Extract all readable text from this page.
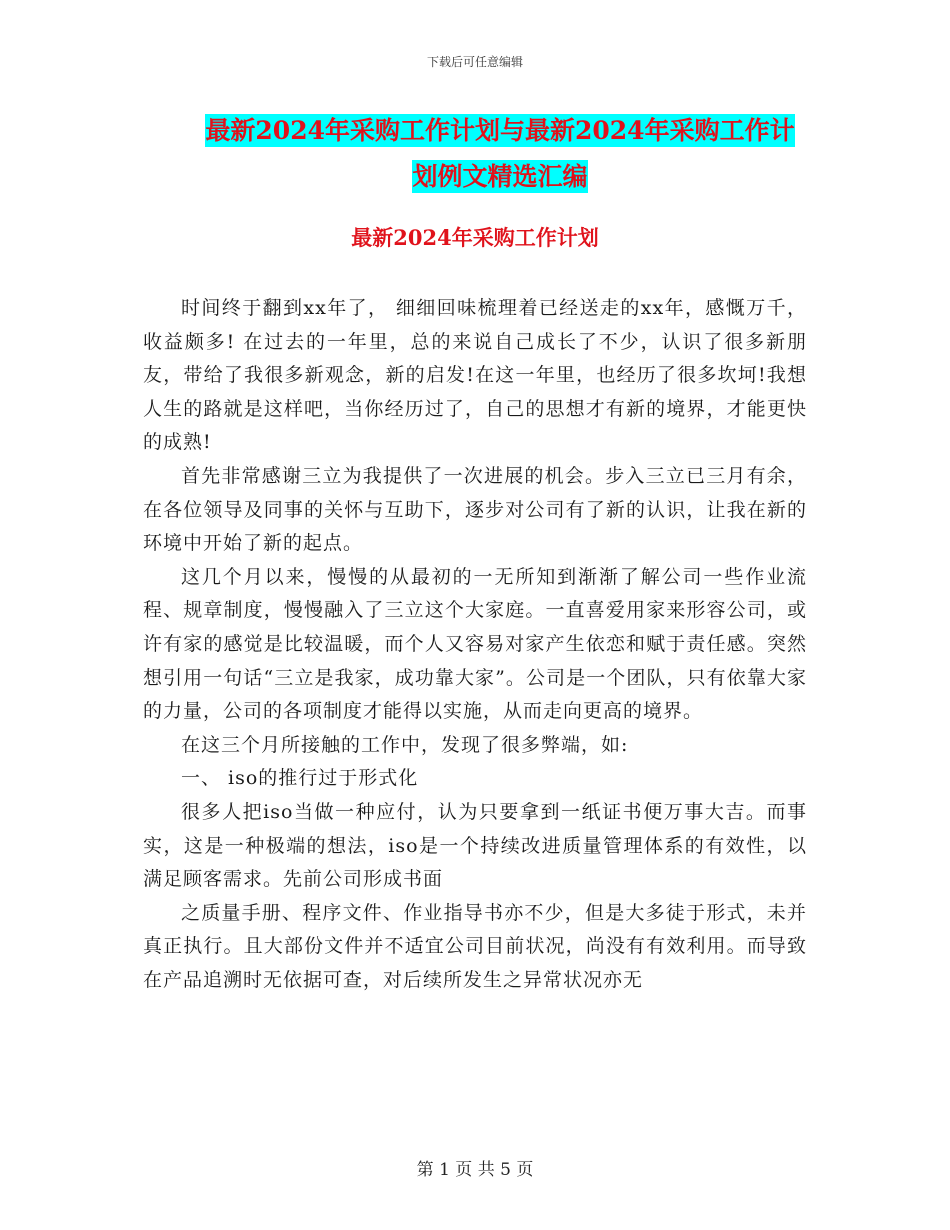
下载后可任意编辑
最新2024年采购工作计划与最新2024年采购工作计
划例文精选汇编
最新2024年采购工作计划

时间终于翻到xx年了， 细细回味梳理着已经送走的xx年，感慨万千，收益颇多! 在过去的一年里，总的来说自己成长了不少，认识了很多新朋友，带给了我很多新观念，新的启发!在这一年里，也经历了很多坎坷!我想人生的路就是这样吧，当你经历过了，自己的思想才有新的境界，才能更快的成熟!

首先非常感谢三立为我提供了一次进展的机会。步入三立已三月有余，在各位领导及同事的关怀与互助下，逐步对公司有了新的认识，让我在新的环境中开始了新的起点。

这几个月以来，慢慢的从最初的一无所知到渐渐了解公司一些作业流程、规章制度，慢慢融入了三立这个大家庭。一直喜爱用家来形容公司，或许有家的感觉是比较温暖，而个人又容易对家产生依恋和赋于责任感。突然想引用一句话“三立是我家，成功靠大家”。公司是一个团队，只有依靠大家的力量，公司的各项制度才能得以实施，从而走向更高的境界。

在这三个月所接触的工作中，发现了很多弊端，如:

一、 iso的推行过于形式化

很多人把iso当做一种应付，认为只要拿到一纸证书便万事大吉。而事实，这是一种极端的想法，iso是一个持续改进质量管理体系的有效性，以满足顾客需求。先前公司形成书面

之质量手册、程序文件、作业指导书亦不少，但是大多徒于形式，未并真正执行。且大部份文件并不适宜公司目前状况，尚没有有效利用。而导致在产品追溯时无依据可查，对后续所发生之异常状况亦无

第 1 页 共 5 页
